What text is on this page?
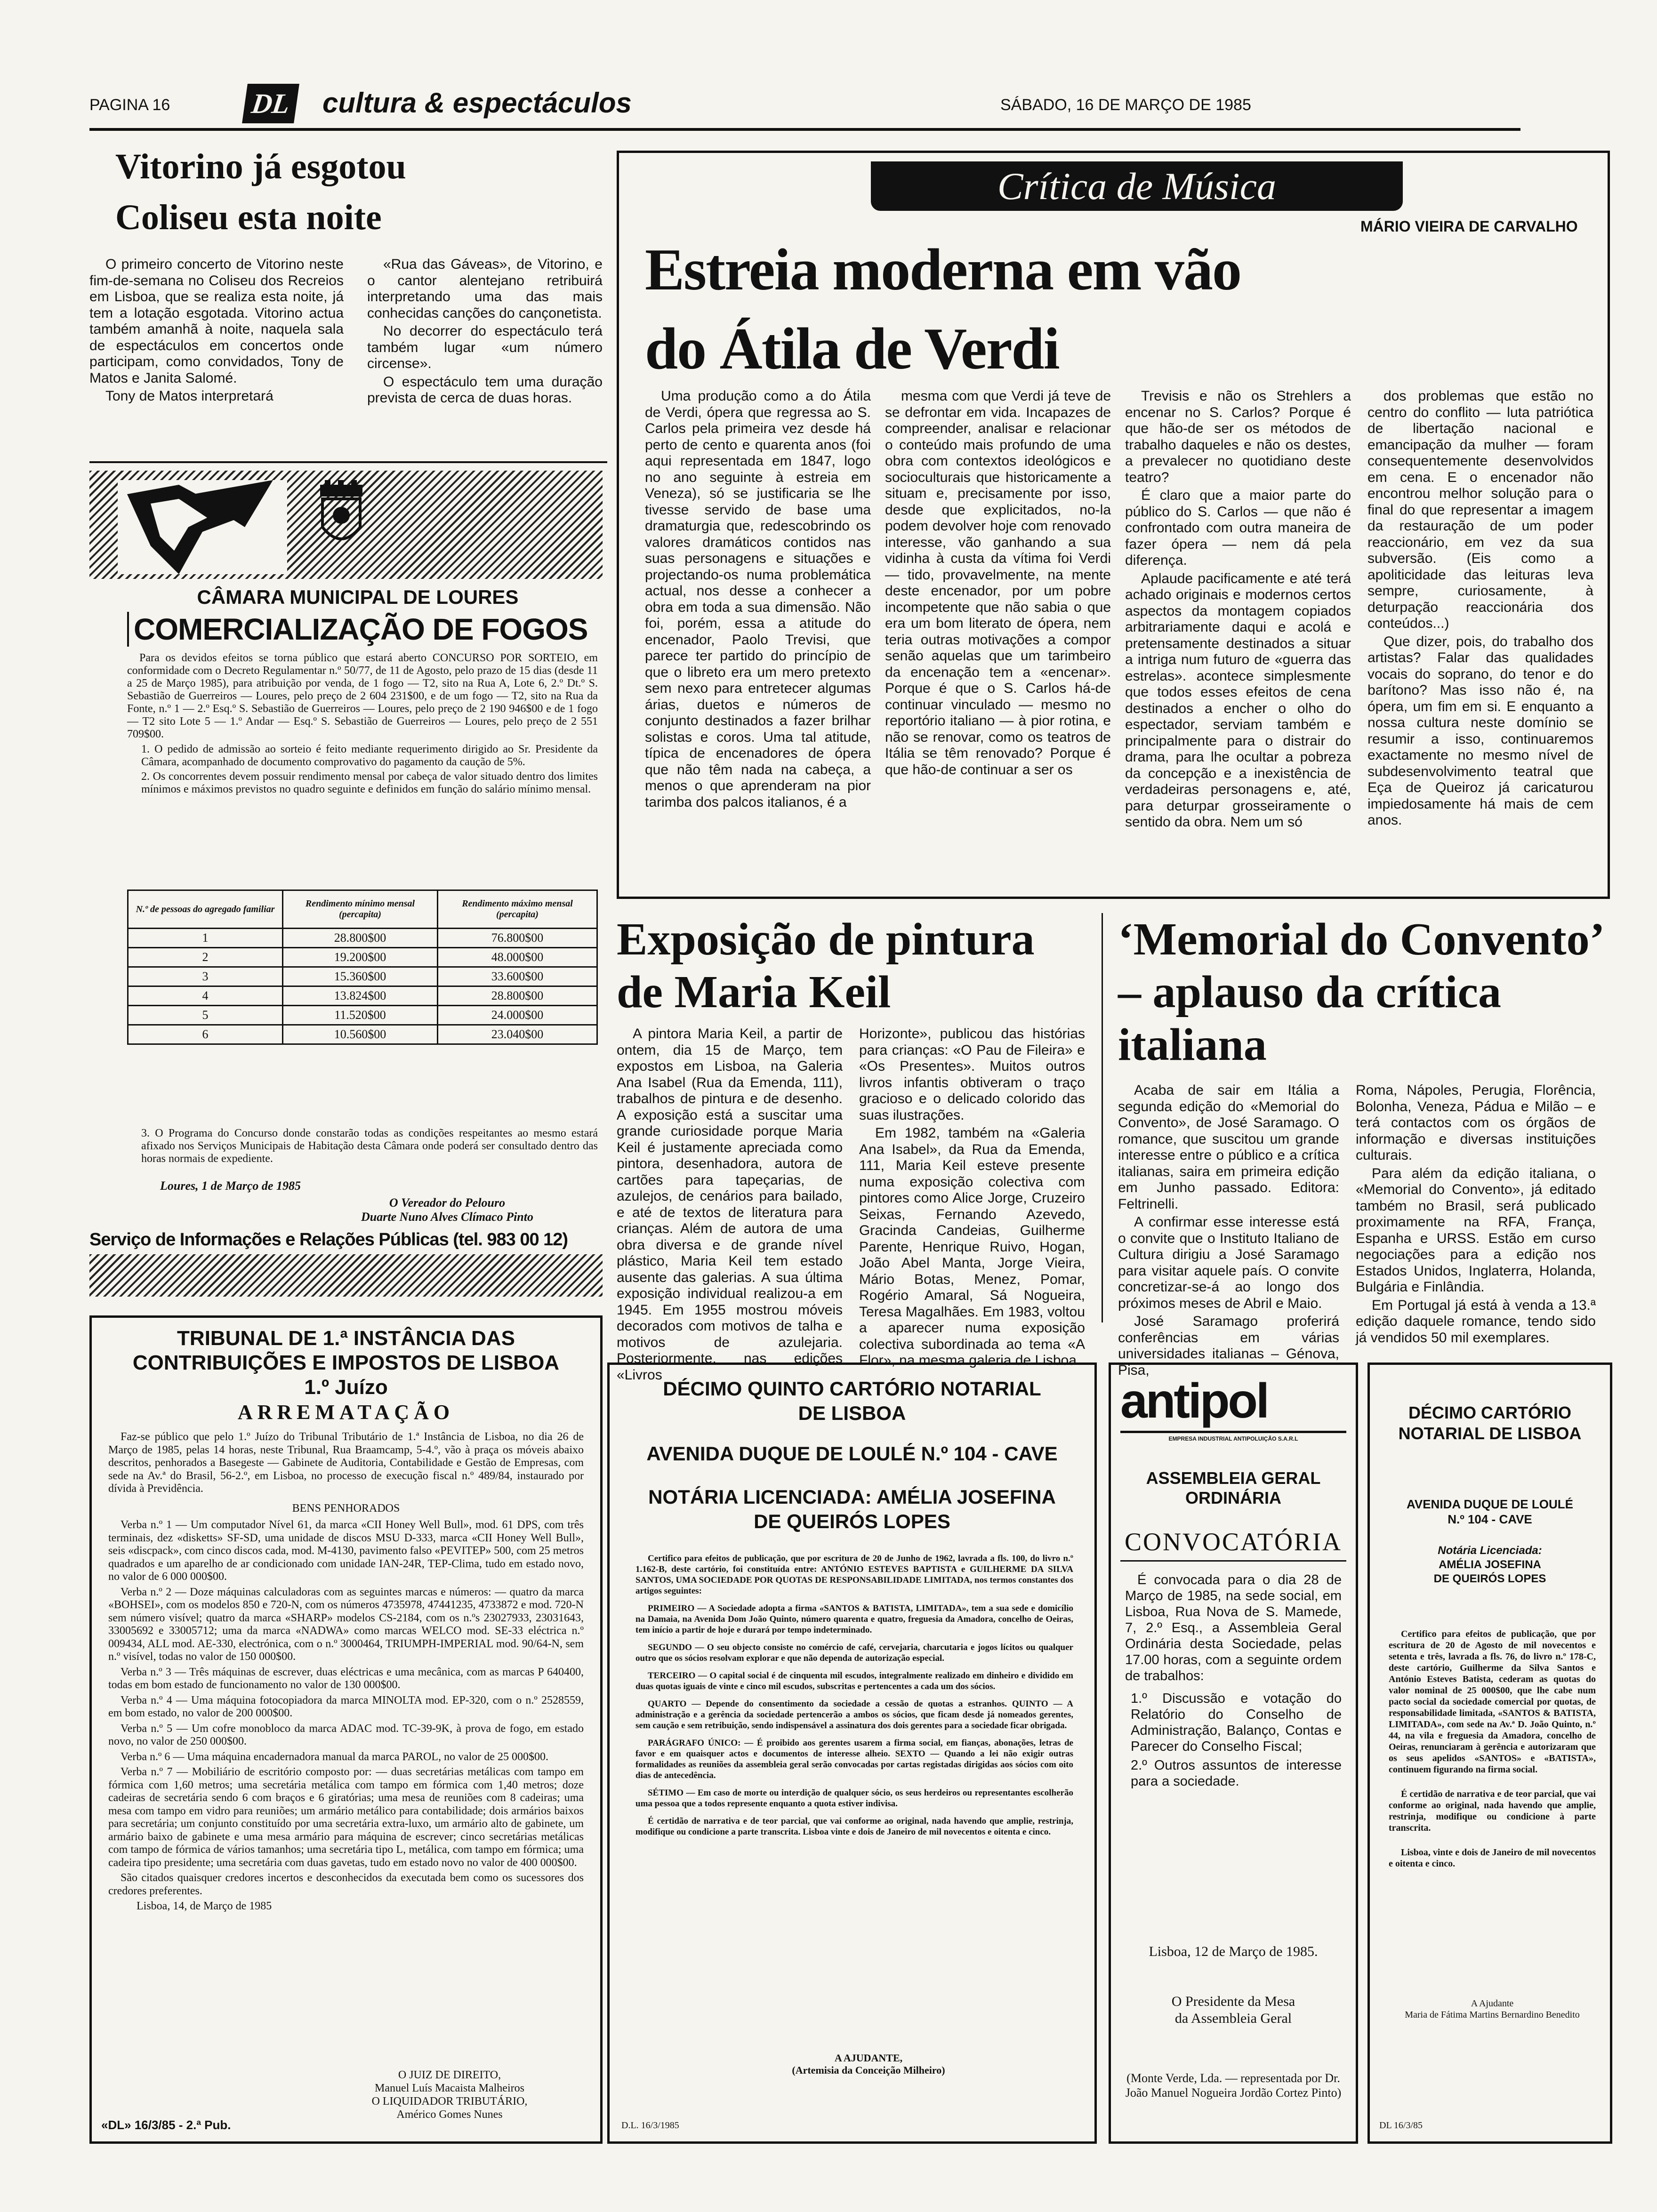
PAGINA 16	DL cultura & espectáculos	SÁBADO, 16 DE MARÇO DE 1985
Vitorino já esgotou
Coliseu esta noite

O primeiro concerto de Vitorino neste fim-de-semana no Coliseu dos Recreios em Lisboa, que se realiza esta noite, já tem a lotação esgotada. Vitorino actua também amanhã à noite, naquela sala de espectáculos em concertos onde participam, como convidados, Tony de Matos e Janita Salomé.

Tony de Matos interpretará

«Rua das Gáveas», de Vitorino, e o cantor alentejano retribuirá interpretando uma das mais conhecidas canções do cançonetista.

No decorrer do espectáculo terá também lugar «um número circense».

O espectáculo tem uma duração prevista de cerca de duas horas.

CÂMARA MUNICIPAL DE LOURES
COMERCIALIZAÇÃO DE FOGOS

Para os devidos efeitos se torna público que estará aberto CONCURSO POR SORTEIO, em conformidade com o Decreto Regulamentar n.º 50/77, de 11 de Agosto, pelo prazo de 15 dias (desde 11 a 25 de Março 1985), para atribuição por venda, de 1 fogo — T2, sito na Rua A, Lote 6, 2.º Dt.º S. Sebastião de Guerreiros — Loures, pelo preço de 2 604 231$00, e de um fogo — T2, sito na Rua da Fonte, n.º 1 — 2.º Esq.º S. Sebastião de Guerreiros — Loures, pelo preço de 2 190 946$00 e de 1 fogo — T2 sito Lote 5 — 1.º Andar — Esq.º S. Sebastião de Guerreiros — Loures, pelo preço de 2 551 709$00.

1. O pedido de admissão ao sorteio é feito mediante requerimento dirigido ao Sr. Presidente da Câmara, acompanhado de documento comprovativo do pagamento da caução de 5%.
2. Os concorrentes devem possuir rendimento mensal por cabeça de valor situado dentro dos limites mínimos e máximos previstos no quadro seguinte e definidos em função do salário mínimo mensal.
N.º de pessoas do agregado familiar	Rendimento mínimo mensal (percapita)	Rendimento máximo mensal (percapita)
1	28.800$00	76.800$00
2	19.200$00	48.000$00
3	15.360$00	33.600$00
4	13.824$00	28.800$00
5	11.520$00	24.000$00
6	10.560$00	23.040$00
3. O Programa do Concurso donde constarão todas as condições respeitantes ao mesmo estará afixado nos Serviços Municipais de Habitação desta Câmara onde poderá ser consultado dentro das horas normais de expediente.
Loures, 1 de Março de 1985
O Vereador do Pelouro
Duarte Nuno Alves Clímaco Pinto
Serviço de Informações e Relações Públicas (tel. 983 00 12)
TRIBUNAL DE 1.ª INSTÂNCIA DAS
CONTRIBUIÇÕES E IMPOSTOS DE LISBOA
1.º Juízo
ARREMATAÇÃO

Faz-se público que pelo 1.º Juízo do Tribunal Tributário de 1.ª Instância de Lisboa, no dia 26 de Março de 1985, pelas 14 horas, neste Tribunal, Rua Braamcamp, 5-4.º, vão à praça os móveis abaixo descritos, penhorados a Basegeste — Gabinete de Auditoria, Contabilidade e Gestão de Empresas, com sede na Av.ª do Brasil, 56-2.º, em Lisboa, no processo de execução fiscal n.º 489/84, instaurado por dívida à Previdência.

BENS PENHORADOS

Verba n.º 1 — Um computador Nível 61, da marca «CII Honey Well Bull», mod. 61 DPS, com três terminais, dez «disketts» SF-SD, uma unidade de discos MSU D-333, marca «CII Honey Well Bull», seis «discpack», com cinco discos cada, mod. M-4130, pavimento falso «PEVITEP» 500, com 25 metros quadrados e um aparelho de ar condicionado com unidade IAN-24R, TEP-Clima, tudo em estado novo, no valor de 6 000 000$00.

Verba n.º 2 — Doze máquinas calculadoras com as seguintes marcas e números: — quatro da marca «BOHSEI», com os modelos 850 e 720-N, com os números 4735978, 47441235, 4733872 e mod. 720-N sem número visível; quatro da marca «SHARP» modelos CS-2184, com os n.ºs 23027933, 23031643, 33005692 e 33005712; uma da marca «NADWA» como marcas WELCO mod. SE-33 eléctrica n.º 009434, ALL mod. AE-330, electrónica, com o n.º 3000464, TRIUMPH-IMPERIAL mod. 90/64-N, sem n.º visível, todas no valor de 150 000$00.

Verba n.º 3 — Três máquinas de escrever, duas eléctricas e uma mecânica, com as marcas P 640400, todas em bom estado de funcionamento no valor de 130 000$00.

Verba n.º 4 — Uma máquina fotocopiadora da marca MINOLTA mod. EP-320, com o n.º 2528559, em bom estado, no valor de 200 000$00.

Verba n.º 5 — Um cofre monobloco da marca ADAC mod. TC-39-9K, à prova de fogo, em estado novo, no valor de 250 000$00.

Verba n.º 6 — Uma máquina encadernadora manual da marca PAROL, no valor de 25 000$00.

Verba n.º 7 — Mobiliário de escritório composto por: — duas secretárias metálicas com tampo em fórmica com 1,60 metros; uma secretária metálica com tampo em fórmica com 1,40 metros; doze cadeiras de secretária sendo 6 com braços e 6 giratórias; uma mesa de reuniões com 8 cadeiras; uma mesa com tampo em vidro para reuniões; um armário metálico para contabilidade; dois armários baixos para secretária; um conjunto constituído por uma secretária extra-luxo, um armário alto de gabinete, um armário baixo de gabinete e uma mesa armário para máquina de escrever; cinco secretárias metálicas com tampo de fórmica de vários tamanhos; uma secretária tipo L, metálica, com tampo em fórmica; uma cadeira tipo presidente; uma secretária com duas gavetas, tudo em estado novo no valor de 400 000$00.

São citados quaisquer credores incertos e desconhecidos da executada bem como os sucessores dos credores preferentes.

Lisboa, 14, de Março de 1985
O JUIZ DE DIREITO,
Manuel Luís Macaista Malheiros
O LIQUIDADOR TRIBUTÁRIO,
Américo Gomes Nunes
«DL» 16/3/85 - 2.ª Pub.
Crítica de Música
MÁRIO VIEIRA DE CARVALHO
Estreia moderna em vão
do Átila de Verdi

Uma produção como a do Átila de Verdi, ópera que regressa ao S. Carlos pela primeira vez desde há perto de cento e quarenta anos (foi aqui representada em 1847, logo no ano seguinte à estreia em Veneza), só se justificaria se lhe tivesse servido de base uma dramaturgia que, redescobrindo os valores dramáticos contidos nas suas personagens e situações e projectando-os numa problemática actual, nos desse a conhecer a obra em toda a sua dimensão. Não foi, porém, essa a atitude do encenador, Paolo Trevisi, que parece ter partido do princípio de que o libreto era um mero pretexto sem nexo para entretecer algumas árias, duetos e números de conjunto destinados a fazer brilhar solistas e coros. Uma tal atitude, típica de encenadores de ópera que não têm nada na cabeça, a menos o que aprenderam na pior tarimba dos palcos italianos, é a

mesma com que Verdi já teve de se defrontar em vida. Incapazes de compreender, analisar e relacionar o conteúdo mais profundo de uma obra com contextos ideológicos e socioculturais que historicamente a situam e, precisamente por isso, desde que explicitados, no-la podem devolver hoje com renovado interesse, vão ganhando a sua vidinha à custa da vítima foi Verdi — tido, provavelmente, na mente deste encenador, por um pobre incompetente que não sabia o que era um bom literato de ópera, nem teria outras motivações a compor senão aquelas que um tarimbeiro da encenação tem a «encenar». Porque é que o S. Carlos há-de continuar vinculado — mesmo no reportório italiano — à pior rotina, e não se renovar, como os teatros de Itália se têm renovado? Porque é que hão-de continuar a ser os

Trevisis e não os Strehlers a encenar no S. Carlos? Porque é que hão-de ser os métodos de trabalho daqueles e não os destes, a prevalecer no quotidiano deste teatro?

É claro que a maior parte do público do S. Carlos — que não é confrontado com outra maneira de fazer ópera — nem dá pela diferença.

Aplaude pacificamente e até terá achado originais e modernos certos aspectos da montagem copiados arbitrariamente daqui e acolá e pretensamente destinados a situar a intriga num futuro de «guerra das estrelas». acontece simplesmente que todos esses efeitos de cena destinados a encher o olho do espectador, serviam também e principalmente para o distrair do drama, para lhe ocultar a pobreza da concepção e a inexistência de verdadeiras personagens e, até, para deturpar grosseiramente o sentido da obra. Nem um só

dos problemas que estão no centro do conflito — luta patriótica de libertação nacional e emancipação da mulher — foram consequentemente desenvolvidos em cena. E o encenador não encontrou melhor solução para o final do que representar a imagem da restauração de um poder reaccionário, em vez da sua subversão. (Eis como a apoliticidade das leituras leva sempre, curiosamente, à deturpação reaccionária dos conteúdos...)

Que dizer, pois, do trabalho dos artistas? Falar das qualidades vocais do soprano, do tenor e do barítono? Mas isso não é, na ópera, um fim em si. E enquanto a nossa cultura neste domínio se resumir a isso, continuaremos exactamente no mesmo nível de subdesenvolvimento teatral que Eça de Queiroz já caricaturou impiedosamente há mais de cem anos.

Exposição de pintura
de Maria Keil

A pintora Maria Keil, a partir de ontem, dia 15 de Março, tem expostos em Lisboa, na Galeria Ana Isabel (Rua da Emenda, 111), trabalhos de pintura e de desenho. A exposição está a suscitar uma grande curiosidade porque Maria Keil é justamente apreciada como pintora, desenhadora, autora de cartões para tapeçarias, de azulejos, de cenários para bailado, e até de textos de literatura para crianças. Além de autora de uma obra diversa e de grande nível plástico, Maria Keil tem estado ausente das galerias. A sua última exposição individual realizou-a em 1945. Em 1955 mostrou móveis decorados com motivos de talha e motivos de azulejaria. Posteriormente, nas edições «Livros

Horizonte», publicou das histórias para crianças: «O Pau de Fileira» e «Os Presentes». Muitos outros livros infantis obtiveram o traço gracioso e o delicado colorido das suas ilustrações.

Em 1982, também na «Galeria Ana Isabel», da Rua da Emenda, 111, Maria Keil esteve presente numa exposição colectiva com pintores como Alice Jorge, Cruzeiro Seixas, Fernando Azevedo, Gracinda Candeias, Guilherme Parente, Henrique Ruivo, Hogan, João Abel Manta, Jorge Vieira, Mário Botas, Menez, Pomar, Rogério Amaral, Sá Nogueira, Teresa Magalhães. Em 1983, voltou a aparecer numa exposição colectiva subordinada ao tema «A Flor», na mesma galeria de Lisboa.

‘Memorial do Convento’
– aplauso da crítica
italiana

Acaba de sair em Itália a segunda edição do «Memorial do Convento», de José Saramago. O romance, que suscitou um grande interesse entre o público e a crítica italianas, saira em primeira edição em Junho passado. Editora: Feltrinelli.

A confirmar esse interesse está o convite que o Instituto Italiano de Cultura dirigiu a José Saramago para visitar aquele país. O convite concretizar-se-á ao longo dos próximos meses de Abril e Maio.

José Saramago proferirá conferências em várias universidades italianas – Génova, Pisa,

Roma, Nápoles, Perugia, Florência, Bolonha, Veneza, Pádua e Milão – e terá contactos com os órgãos de informação e diversas instituições culturais.

Para além da edição italiana, o «Memorial do Convento», já editado também no Brasil, será publicado proximamente na RFA, França, Espanha e URSS. Estão em curso negociações para a edição nos Estados Unidos, Inglaterra, Holanda, Bulgária e Finlândia.

Em Portugal já está à venda a 13.ª edição daquele romance, tendo sido já vendidos 50 mil exemplares.

DÉCIMO QUINTO CARTÓRIO NOTARIAL
DE LISBOA
AVENIDA DUQUE DE LOULÉ N.º 104 - CAVE
NOTÁRIA LICENCIADA: AMÉLIA JOSEFINA
DE QUEIRÓS LOPES

Certifico para efeitos de publicação, que por escritura de 20 de Junho de 1962, lavrada a fls. 100, do livro n.º 1.162-B, deste cartório, foi constituída entre: ANTÓNIO ESTEVES BAPTISTA e GUILHERME DA SILVA SANTOS, UMA SOCIEDADE POR QUOTAS DE RESPONSABILIDADE LIMITADA, nos termos constantes dos artigos seguintes:

PRIMEIRO — A Sociedade adopta a firma «SANTOS & BATISTA, LIMITADA», tem a sua sede e domicílio na Damaia, na Avenida Dom João Quinto, número quarenta e quatro, freguesia da Amadora, concelho de Oeiras, tem início a partir de hoje e durará por tempo indeterminado.

SEGUNDO — O seu objecto consiste no comércio de café, cervejaria, charcutaria e jogos lícitos ou qualquer outro que os sócios resolvam explorar e que não dependa de autorização especial.

TERCEIRO — O capital social é de cinquenta mil escudos, integralmente realizado em dinheiro e dividido em duas quotas iguais de vinte e cinco mil escudos, subscritas e pertencentes a cada um dos sócios.

QUARTO — Depende do consentimento da sociedade a cessão de quotas a estranhos. QUINTO — A administração e a gerência da sociedade pertencerão a ambos os sócios, que ficam desde já nomeados gerentes, sem caução e sem retribuição, sendo indispensável a assinatura dos dois gerentes para a sociedade ficar obrigada.

PARÁGRAFO ÚNICO: — É proibido aos gerentes usarem a firma social, em fianças, abonações, letras de favor e em quaisquer actos e documentos de interesse alheio. SEXTO — Quando a lei não exigir outras formalidades as reuniões da assembleia geral serão convocadas por cartas registadas dirigidas aos sócios com oito dias de antecedência.

SÉTIMO — Em caso de morte ou interdição de qualquer sócio, os seus herdeiros ou representantes escolherão uma pessoa que a todos represente enquanto a quota estiver indivisa.

É certidão de narrativa e de teor parcial, que vai conforme ao original, nada havendo que amplie, restrinja, modifique ou condicione a parte transcrita. Lisboa vinte e dois de Janeiro de mil novecentos e oitenta e cinco.

A AJUDANTE,
(Artemisia da Conceição Milheiro)
D.L. 16/3/1985
antipol
EMPRESA INDUSTRIAL ANTIPOLUIÇÃO S.A.R.L
ASSEMBLEIA GERAL
ORDINÁRIA
CONVOCATÓRIA

É convocada para o dia 28 de Março de 1985, na sede social, em Lisboa, Rua Nova de S. Mamede, 7, 2.º Esq., a Assembleia Geral Ordinária desta Sociedade, pelas 17.00 horas, com a seguinte ordem de trabalhos:

1.º Discussão e votação do Relatório do Conselho de Administração, Balanço, Contas e Parecer do Conselho Fiscal;
2.º Outros assuntos de interesse para a sociedade.
Lisboa, 12 de Março de 1985.
O Presidente da Mesa
da Assembleia Geral
(Monte Verde, Lda. — representada por Dr. João Manuel Nogueira Jordão Cortez Pinto)
DÉCIMO CARTÓRIO
NOTARIAL DE LISBOA
AVENIDA DUQUE DE LOULÉ
N.º 104 - CAVE
Notária Licenciada:
AMÉLIA JOSEFINA
DE QUEIRÓS LOPES

Certifico para efeitos de publicação, que por escritura de 20 de Agosto de mil novecentos e setenta e três, lavrada a fls. 76, do livro n.º 178-C, deste cartório, Guilherme da Silva Santos e António Esteves Batista, cederam as quotas do valor nominal de 25 000$00, que lhe cabe num pacto social da sociedade comercial por quotas, de responsabilidade limitada, «SANTOS & BATISTA, LIMITADA», com sede na Av.ª D. João Quinto, n.º 44, na vila e freguesia da Amadora, concelho de Oeiras, renunciaram à gerência e autorizaram que os seus apelidos «SANTOS» e «BATISTA», continuem figurando na firma social.

É certidão de narrativa e de teor parcial, que vai conforme ao original, nada havendo que amplie, restrinja, modifique ou condicione à parte transcrita.

Lisboa, vinte e dois de Janeiro de mil novecentos e oitenta e cinco.

A Ajudante
Maria de Fátima Martins Bernardino Benedito
DL 16/3/85
